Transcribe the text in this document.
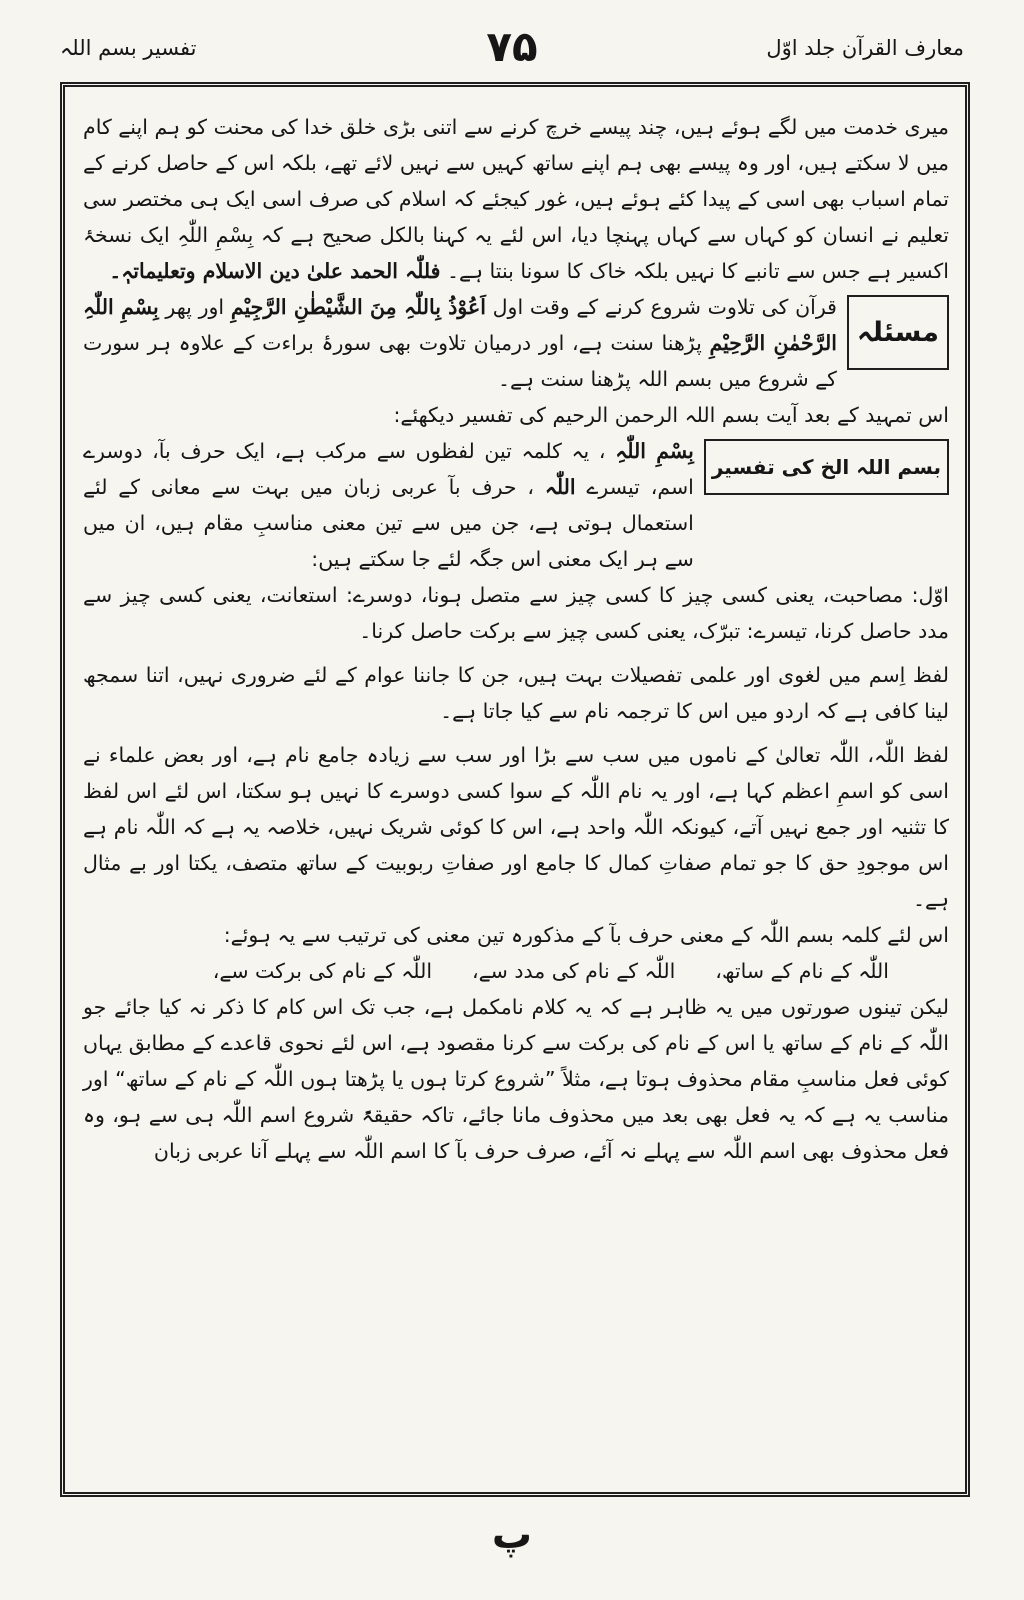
معارف القرآن جلد اوّل
۷۵
تفسیر بسم اللہ

میری خدمت میں لگے ہوئے ہیں، چند پیسے خرچ کرنے سے اتنی بڑی خلق خدا کی محنت کو ہم اپنے کام میں لا سکتے ہیں، اور وہ پیسے بھی ہم اپنے ساتھ کہیں سے نہیں لائے تھے، بلکہ اس کے حاصل کرنے کے تمام اسباب بھی اسی کے پیدا کئے ہوئے ہیں، غور کیجئے کہ اسلام کی صرف اسی ایک ہی مختصر سی تعلیم نے انسان کو کہاں سے کہاں پہنچا دیا، اس لئے یہ کہنا بالکل صحیح ہے کہ بِسْمِ اللّٰہِ ایک نسخۂ اکسیر ہے جس سے تانبے کا نہیں بلکہ خاک کا سونا بنتا ہے۔ فللّٰہ الحمد علیٰ دین الاسلام وتعلیماتہٖ۔

مسئلہ

قرآن کی تلاوت شروع کرنے کے وقت اول اَعُوْذُ بِاللّٰہِ مِنَ الشَّیْطٰنِ الرَّجِیْمِ اور پھر بِسْمِ اللّٰہِ الرَّحْمٰنِ الرَّحِیْمِ پڑھنا سنت ہے، اور درمیان تلاوت بھی سورۂ براءت کے علاوہ ہر سورت کے شروع میں بسم اللہ پڑھنا سنت ہے۔

اس تمہید کے بعد آیت بسم اللہ الرحمن الرحیم کی تفسیر دیکھئے:

بسم اللہ الخ کی تفسیر

بِسْمِ اللّٰہِ ، یہ کلمہ تین لفظوں سے مرکب ہے، ایک حرف بآ، دوسرے اسم، تیسرے اللّٰہ ، حرف بآ عربی زبان میں بہت سے معانی کے لئے استعمال ہوتی ہے، جن میں سے تین معنی مناسبِ مقام ہیں، ان میں سے ہر ایک معنی اس جگہ لئے جا سکتے ہیں:

اوّل: مصاحبت، یعنی کسی چیز کا کسی چیز سے متصل ہونا، دوسرے: استعانت، یعنی کسی چیز سے مدد حاصل کرنا، تیسرے: تبرّک، یعنی کسی چیز سے برکت حاصل کرنا۔

لفظ اِسم میں لغوی اور علمی تفصیلات بہت ہیں، جن کا جاننا عوام کے لئے ضروری نہیں، اتنا سمجھ لینا کافی ہے کہ اردو میں اس کا ترجمہ نام سے کیا جاتا ہے۔

لفظ اللّٰہ، اللّٰہ تعالیٰ کے ناموں میں سب سے بڑا اور سب سے زیادہ جامع نام ہے، اور بعض علماء نے اسی کو اسمِ اعظم کہا ہے، اور یہ نام اللّٰہ کے سوا کسی دوسرے کا نہیں ہو سکتا، اس لئے اس لفظ کا تثنیہ اور جمع نہیں آتے، کیونکہ اللّٰہ واحد ہے، اس کا کوئی شریک نہیں، خلاصہ یہ ہے کہ اللّٰہ نام ہے اس موجودِ حق کا جو تمام صفاتِ کمال کا جامع اور صفاتِ ربوبیت کے ساتھ متصف، یکتا اور بے مثال ہے۔

اس لئے کلمہ بسم اللّٰہ کے معنی حرف بآ کے مذکورہ تین معنی کی ترتیب سے یہ ہوئے:

اللّٰہ کے نام کے ساتھ،
اللّٰہ کے نام کی مدد سے،
اللّٰہ کے نام کی برکت سے،

لیکن تینوں صورتوں میں یہ ظاہر ہے کہ یہ کلام نامکمل ہے، جب تک اس کام کا ذکر نہ کیا جائے جو اللّٰہ کے نام کے ساتھ یا اس کے نام کی برکت سے کرنا مقصود ہے، اس لئے نحوی قاعدے کے مطابق یہاں کوئی فعل مناسبِ مقام محذوف ہوتا ہے، مثلاً ”شروع کرتا ہوں یا پڑھتا ہوں اللّٰہ کے نام کے ساتھ“ اور مناسب یہ ہے کہ یہ فعل بھی بعد میں محذوف مانا جائے، تاکہ حقیقۃً شروع اسم اللّٰہ ہی سے ہو، وہ فعل محذوف بھی اسم اللّٰہ سے پہلے نہ آئے، صرف حرف بآ کا اسم اللّٰہ سے پہلے آنا عربی زبان

پ
